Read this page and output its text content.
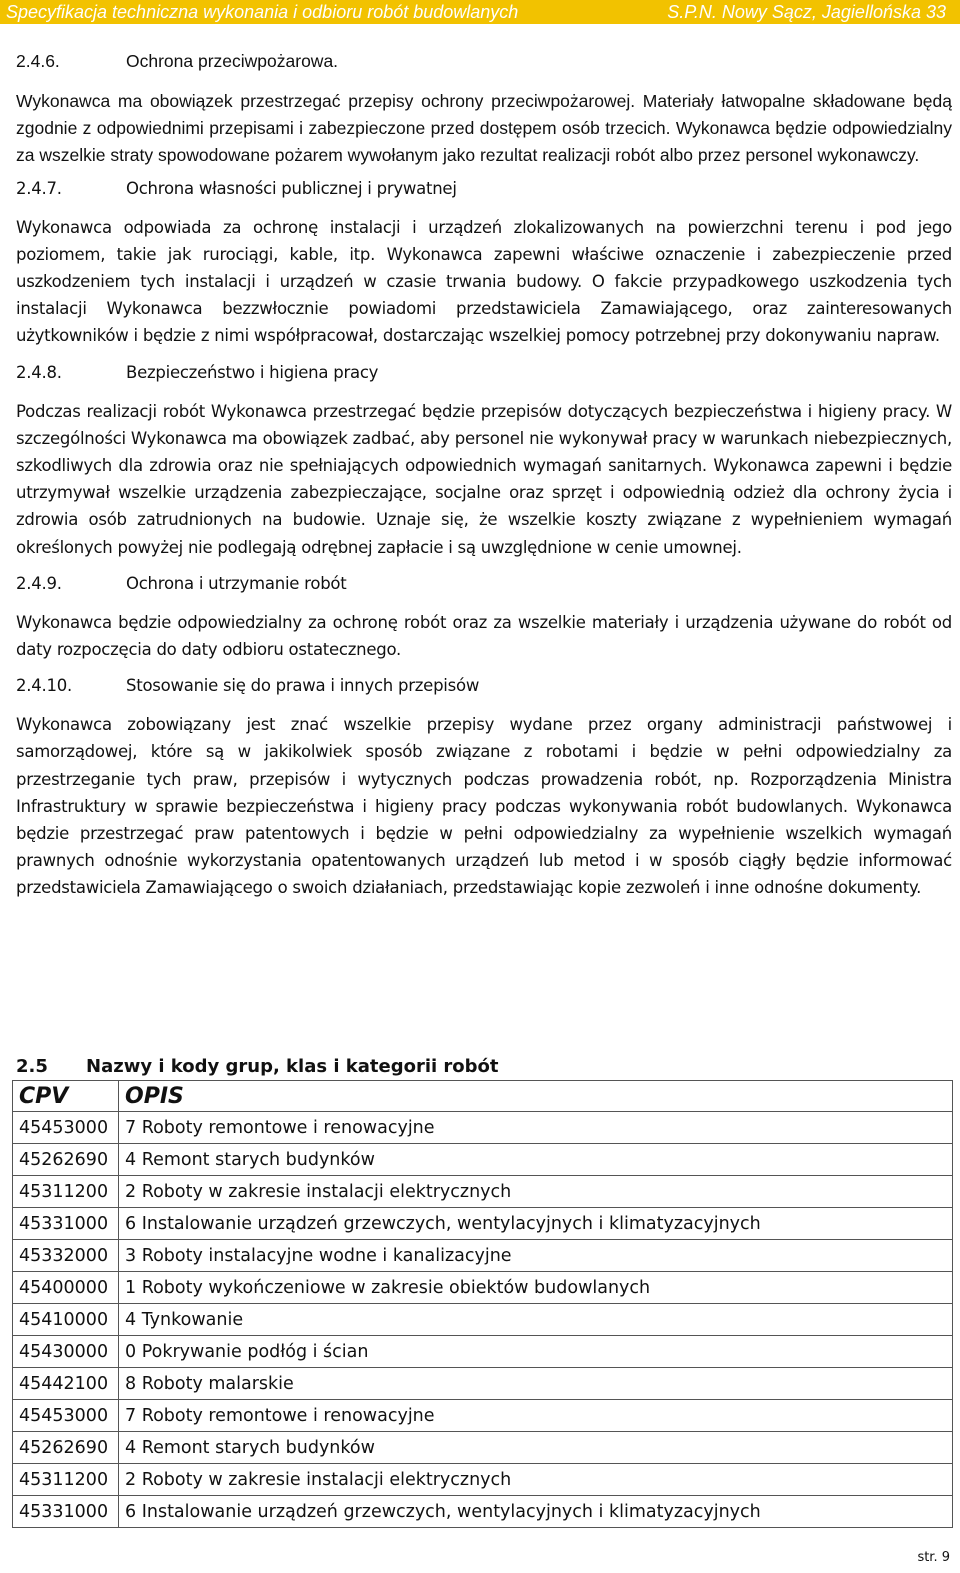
Specyfikacja techniczna wykonania i odbioru robót budowlanych	S.P.N. Nowy Sącz, Jagiellońska 33
2.4.6.	Ochrona przeciwpożarowa.

Wykonawca ma obowiązek przestrzegać przepisy ochrony przeciwpożarowej. Materiały łatwopalne składowane będą zgodnie z odpowiednimi przepisami i zabezpieczone przed dostępem osób trzecich. Wykonawca będzie odpowiedzialny za wszelkie straty spowodowane pożarem wywołanym jako rezultat realizacji robót albo przez personel wykonawczy.

2.4.7.	Ochrona własności publicznej i prywatnej

Wykonawca odpowiada za ochronę instalacji i urządzeń zlokalizowanych na powierzchni terenu i pod jego poziomem, takie jak rurociągi, kable, itp. Wykonawca zapewni właściwe oznaczenie i zabezpieczenie przed uszkodzeniem tych instalacji i urządzeń w czasie trwania budowy. O fakcie przypadkowego uszkodzenia tych instalacji Wykonawca bezzwłocznie powiadomi przedstawiciela Zamawiającego, oraz zainteresowanych użytkowników i będzie z nimi współpracował, dostarczając wszelkiej pomocy potrzebnej przy dokonywaniu napraw.

2.4.8.	Bezpieczeństwo i higiena pracy

Podczas realizacji robót Wykonawca przestrzegać będzie przepisów dotyczących bezpieczeństwa i higieny pracy. W szczególności Wykonawca ma obowiązek zadbać, aby personel nie wykonywał pracy w warunkach niebezpiecznych, szkodliwych dla zdrowia oraz nie spełniających odpowiednich wymagań sanitarnych. Wykonawca zapewni i będzie utrzymywał wszelkie urządzenia zabezpieczające, socjalne oraz sprzęt i odpowiednią odzież dla ochrony życia i zdrowia osób zatrudnionych na budowie. Uznaje się, że wszelkie koszty związane z wypełnieniem wymagań określonych powyżej nie podlegają odrębnej zapłacie i są uwzględnione w cenie umownej.

2.4.9.	Ochrona i utrzymanie robót

Wykonawca będzie odpowiedzialny za ochronę robót oraz za wszelkie materiały i urządzenia używane do robót od daty rozpoczęcia do daty odbioru ostatecznego.

2.4.10.	Stosowanie się do prawa i innych przepisów

Wykonawca zobowiązany jest znać wszelkie przepisy wydane przez organy administracji państwowej i samorządowej, które są w jakikolwiek sposób związane z robotami i będzie w pełni odpowiedzialny za przestrzeganie tych praw, przepisów i wytycznych podczas prowadzenia robót, np. Rozporządzenia Ministra Infrastruktury w sprawie bezpieczeństwa i higieny pracy podczas wykonywania robót budowlanych. Wykonawca będzie przestrzegać praw patentowych i będzie w pełni odpowiedzialny za wypełnienie wszelkich wymagań prawnych odnośnie wykorzystania opatentowanych urządzeń lub metod i w sposób ciągły będzie informować przedstawiciela Zamawiającego o swoich działaniach, przedstawiając kopie zezwoleń i inne odnośne dokumenty.

2.5	Nazwy i kody grup, klas i kategorii robót
CPV	OPIS
45453000	7 Roboty remontowe i renowacyjne
45262690	4 Remont starych budynków
45311200	2 Roboty w zakresie instalacji elektrycznych
45331000	6 Instalowanie urządzeń grzewczych, wentylacyjnych i klimatyzacyjnych
45332000	3 Roboty instalacyjne wodne i kanalizacyjne
45400000	1 Roboty wykończeniowe w zakresie obiektów budowlanych
45410000	4 Tynkowanie
45430000	0 Pokrywanie podłóg i ścian
45442100	8 Roboty malarskie
45453000	7 Roboty remontowe i renowacyjne
45262690	4 Remont starych budynków
45311200	2 Roboty w zakresie instalacji elektrycznych
45331000	6 Instalowanie urządzeń grzewczych, wentylacyjnych i klimatyzacyjnych
str. 9
